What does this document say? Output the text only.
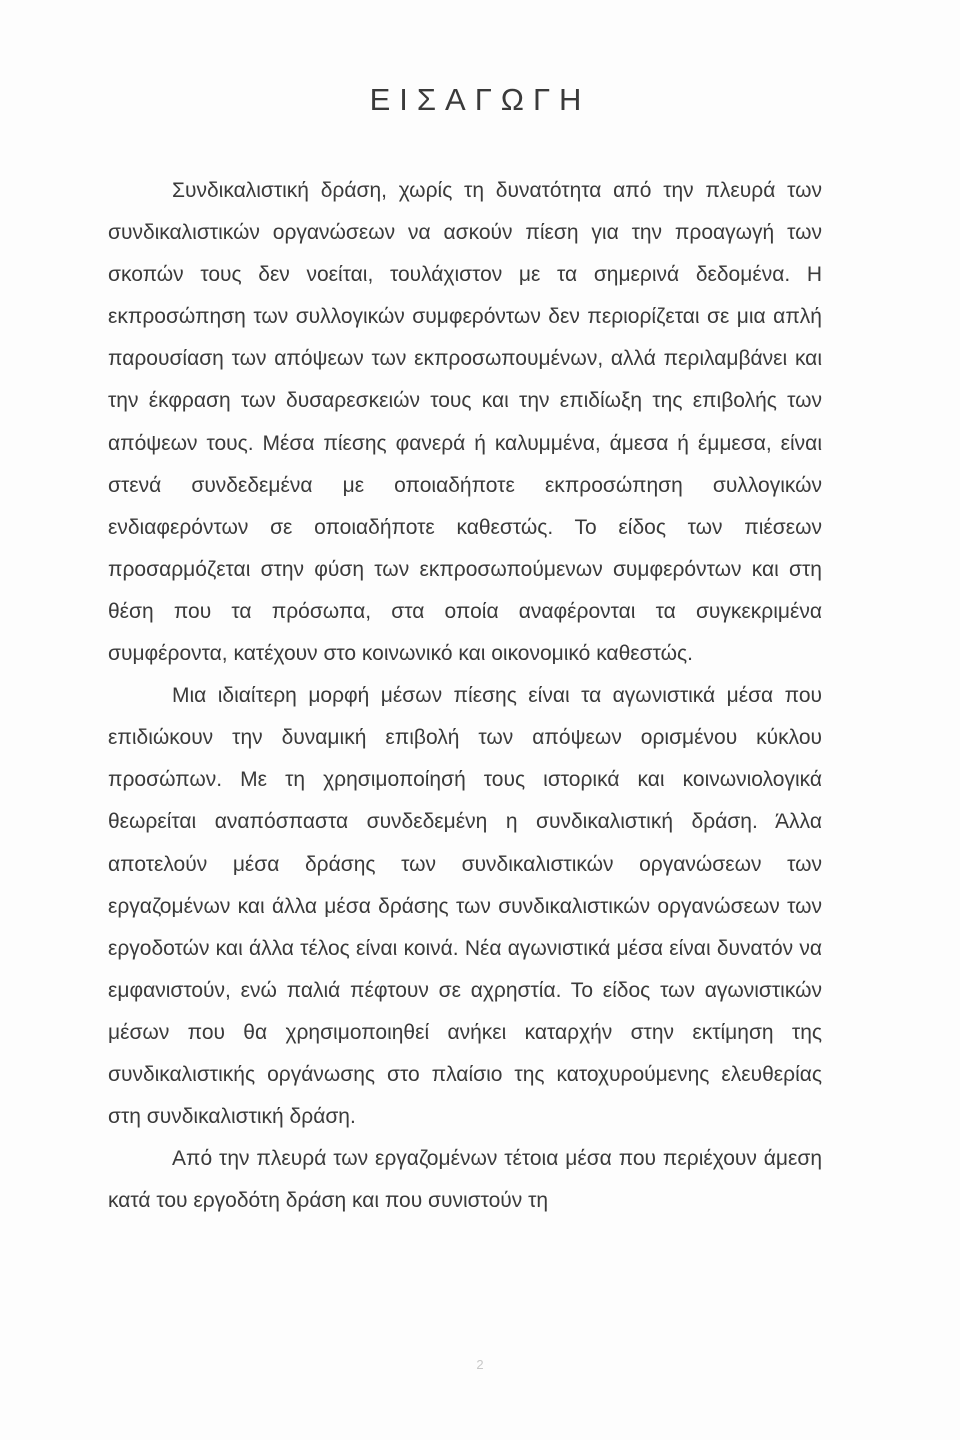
ΕΙΣΑΓΩΓΗ

Συνδικαλιστική δράση, χωρίς τη δυνατότητα από την πλευρά των συνδικαλιστικών οργανώσεων να ασκούν πίεση για την προαγωγή των σκοπών τους δεν νοείται, τουλάχιστον με τα σημερινά δεδομένα. Η εκπροσώπηση των συλλογικών συμφερόντων δεν περιορίζεται σε μια απλή παρουσίαση των απόψεων των εκπροσωπουμένων, αλλά περιλαμβάνει και την έκφραση των δυσαρεσκειών τους και την επιδίωξη της επιβολής των απόψεων τους. Μέσα πίεσης φανερά ή καλυμμένα, άμεσα ή έμμεσα, είναι στενά συνδεδεμένα με οποιαδήποτε εκπροσώπηση συλλογικών ενδιαφερόντων σε οποιαδήποτε καθεστώς. Το είδος των πιέσεων προσαρμόζεται στην φύση των εκπροσωπούμενων συμφερόντων και στη θέση που τα πρόσωπα, στα οποία αναφέρονται τα συγκεκριμένα συμφέροντα, κατέχουν στο κοινωνικό και οικονομικό καθεστώς.

Μια ιδιαίτερη μορφή μέσων πίεσης είναι τα αγωνιστικά μέσα που επιδιώκουν την δυναμική επιβολή των απόψεων ορισμένου κύκλου προσώπων. Με τη χρησιμοποίησή τους ιστορικά και κοινωνιολογικά θεωρείται αναπόσπαστα συνδεδεμένη η συνδικαλιστική δράση. Άλλα αποτελούν μέσα δράσης των συνδικαλιστικών οργανώσεων των εργαζομένων και άλλα μέσα δράσης των συνδικαλιστικών οργανώσεων των εργοδοτών και άλλα τέλος είναι κοινά. Νέα αγωνιστικά μέσα είναι δυνατόν να εμφανιστούν, ενώ παλιά πέφτουν σε αχρηστία. Το είδος των αγωνιστικών μέσων που θα χρησιμοποιηθεί ανήκει καταρχήν στην εκτίμηση της συνδικαλιστικής οργάνωσης στο πλαίσιο της κατοχυρούμενης ελευθερίας στη συνδικαλιστική δράση.

Από την πλευρά των εργαζομένων τέτοια μέσα που περιέχουν άμεση κατά του εργοδότη δράση και που συνιστούν τη

2
